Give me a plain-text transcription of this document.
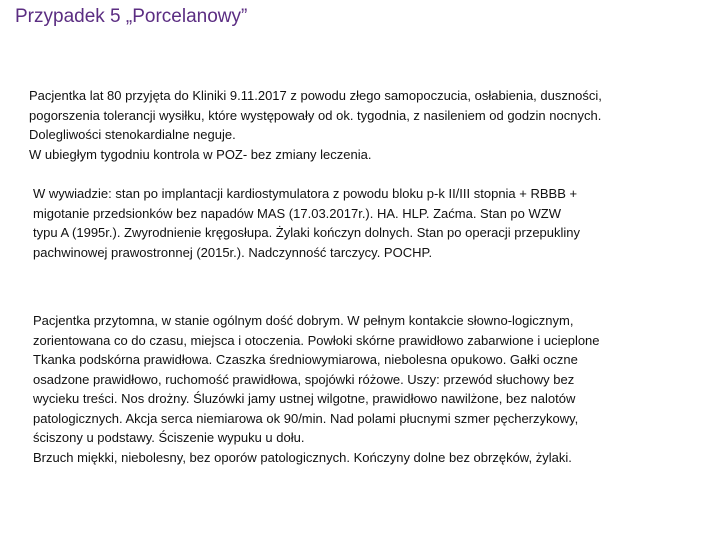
Przypadek 5 „Porcelanowy”

Pacjentka lat 80 przyjęta do Kliniki 9.11.2017 z powodu złego samopoczucia, osłabienia, duszności,

pogorszenia tolerancji wysiłku, które występowały od ok. tygodnia, z nasileniem od godzin nocnych.

Dolegliwości stenokardialne neguje.

W ubiegłym tygodniu kontrola w POZ- bez zmiany leczenia.

W wywiadzie: stan po implantacji kardiostymulatora z powodu bloku p-k II/III stopnia + RBBB +

migotanie przedsionków bez napadów MAS (17.03.2017r.). HA. HLP. Zaćma. Stan po WZW

typu A (1995r.). Zwyrodnienie kręgosłupa. Żylaki kończyn dolnych. Stan po operacji przepukliny

pachwinowej prawostronnej (2015r.). Nadczynność tarczycy. POCHP.

Pacjentka przytomna, w stanie ogólnym dość dobrym. W pełnym kontakcie słowno-logicznym,

zorientowana co do czasu, miejsca i otoczenia. Powłoki skórne prawidłowo zabarwione i ucieplone

Tkanka podskórna prawidłowa. Czaszka średniowymiarowa, niebolesna opukowo. Gałki oczne

osadzone prawidłowo, ruchomość prawidłowa, spojówki różowe. Uszy: przewód słuchowy bez

wycieku treści. Nos drożny. Śluzówki jamy ustnej wilgotne, prawidłowo nawilżone, bez nalotów

patologicznych. Akcja serca niemiarowa ok 90/min. Nad polami płucnymi szmer pęcherzykowy,

ściszony u podstawy. Ściszenie wypuku u dołu.

Brzuch miękki, niebolesny, bez oporów patologicznych. Kończyny dolne bez obrzęków, żylaki.
